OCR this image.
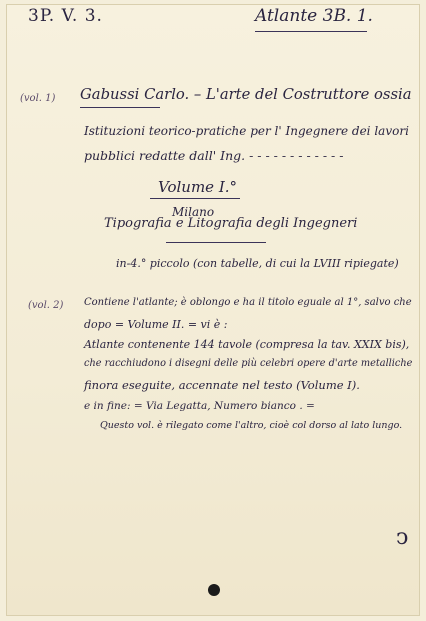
3P. V. 3.	Atlante 3B. 1.
(vol. 1) Gabussi Carlo. – L'arte del Costruttore ossia
Istituzioni teorico-pratiche per l' Ingegnere dei lavori
pubblici redatte dall' Ing. - - - - - - - - - - - -
Volume I.°
Milano
Tipografia e Litografia degli Ingegneri
in-4.° piccolo (con tabelle, di cui la LVIII ripiegate)
(vol. 2) Contiene l'atlante; è oblongo e ha il titolo eguale al 1°, salvo che
dopo = Volume II. = vi è :
Atlante contenente 144 tavole (compresa la tav. XXIX bis),
che racchiudono i disegni delle più celebri opere d'arte metalliche
finora eseguite, accennate nel testo (Volume I).
e in fine: = Via Legatta, Numero bianco . =
Questo vol. è rilegato come l'altro, cioè col dorso al lato lungo.
ↄ
